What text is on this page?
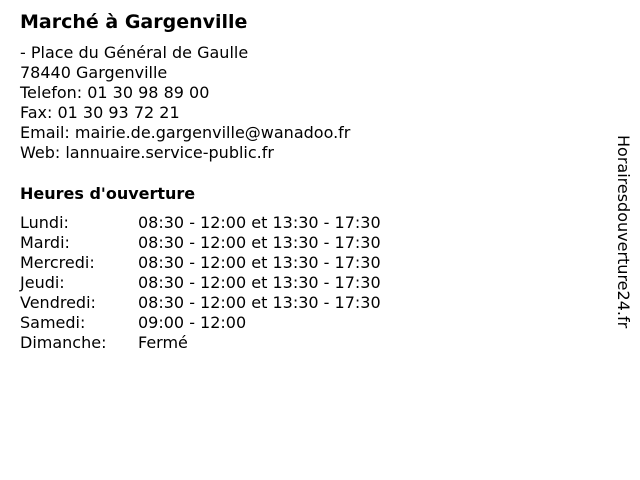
Marché à Gargenville
- Place du Général de Gaulle
78440 Gargenville
Telefon: 01 30 98 89 00
Fax: 01 30 93 72 21
Email: mairie.de.gargenville@wanadoo.fr
Web: lannuaire.service-public.fr
Heures d'ouverture
Lundi:	08:30 - 12:00 et 13:30 - 17:30
Mardi:	08:30 - 12:00 et 13:30 - 17:30
Mercredi:	08:30 - 12:00 et 13:30 - 17:30
Jeudi:	08:30 - 12:00 et 13:30 - 17:30
Vendredi:	08:30 - 12:00 et 13:30 - 17:30
Samedi:	09:00 - 12:00
Dimanche: Fermé
Horairesdouverture24.fr
